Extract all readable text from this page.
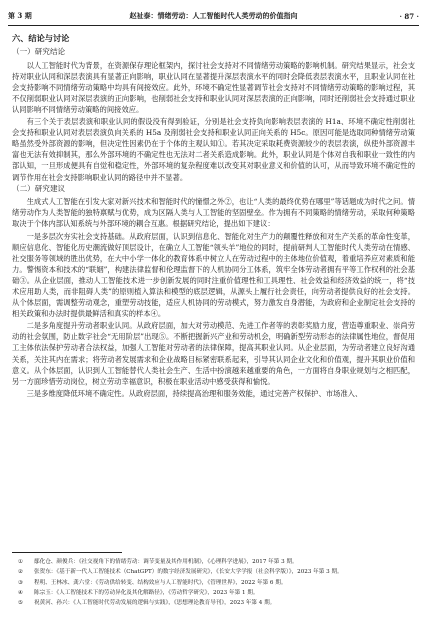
第 3 期	赵祉泰：情绪劳动：人工智能时代人类劳动的价值指向	· 87 ·
六、结论与讨论
（一）研究结论

以人工智能时代为背景，在资源保存理论框架内，探讨社会支持对不同情绪劳动策略的影响机制。研究结果显示，社会支持对职业认同和深层表演具有显著正向影响，职业认同在显著提升深层表演水平的同时会降低表层表演水平，且职业认同在社会支持影响不同情绪劳动策略中均具有间接效应。此外，环境不确定性显著调节社会支持对不同情绪劳动策略的影响过程，其不仅削弱职业认同对深层表演的正向影响，也削弱社会支持和职业认同对深层表演的正向影响，同时还削弱社会支持通过职业认同影响不同情绪劳动策略的间接效应。

有三个关于表层表演和职业认同的假设没有得到验证，分别是社会支持负向影响表层表演的 H1a、环境不确定性削弱社会支持和职业认同对表层表演负向关系的 H5a 及削弱社会支持和职业认同正向关系的 H5c。原因可能是选取同种情绪劳动策略虽然受外部资源的影响，但决定性因素仍在于个体的主观认知①。若其决定采取耗费资源较少的表层表演，纵使外部资源丰富也无法有效抑制其，那么外部环境的不确定性也无法对二者关系造成影响。此外，职业认同是个体对自我和职业一致性的内部认知，一旦形成便具有自觉和稳定性，外部环境的复杂程度难以改变其对职业意义和价值的认可，从而导致环境不确定性的调节作用在社会支持影响职业认同的路径中并不显著。

（二）研究建议

生成式人工智能在引发大家对新兴技术和智能时代的憧憬之外②，也让“人类的最终优势在哪里”等话题成为时代之问。情绪劳动作为人类智能的独特禀赋与优势，成为区隔人类与人工智能的坚固壁垒。作为拥有不同策略的情绪劳动，采取何种策略取决于个体内部认知系统与外部环境的耦合互惠。根据研究结论，提出如下建议：

一是多层次夯实社会支持基础。从政府层面，认识到信息化、智能化对生产力的颠覆性释放和对生产关系的革命性变革，顺应信息化、智能化历史潮流做好顶层设计，在确立人工智能“领头羊”地位的同时，提前研判人工智能时代人类劳动在情感、社交服务等领域的胜出优势，在大中小学一体化的教育体系中树立人在劳动过程中的主体地位价值观，着重培养应对素质和能力。警惕资本和技术的“联姻”，构建法律监督和伦理监督下的人机协同分工体系，筑牢全体劳动者拥有平等工作权利的社会基础③。从企业层面，推动人工智能技术进一步创新发展的同时注重价值理性和工具理性、社会效益和经济效益的统一，将“技术应用助人类，而非阻碍人类”的原则植入算法和模型的底层逻辑，从源头上履行社会责任，向劳动者提供良好的社会支持。从个体层面，需调整劳动观念，重塑劳动技能，适应人机协同的劳动模式，努力激发自身潜能，为政府和企业制定社会支持的相关政策和办法时提供最鲜活和真实的样本④。

二是多角度提升劳动者职业认同。从政府层面，加大对劳动模范、先进工作者等的表彰奖励力度，营造尊重职业、崇尚劳动的社会氛围，防止数字社会“无用阶层”出现⑤。不断把握新兴产业和劳动机会，明确新型劳动形态的法律属性地位，督促用工主体依法保护劳动者合法权益，加强人工智能对劳动者的法律保障，提高其职业认同。从企业层面，为劳动者建立良好沟通关系，关注其内在需求；将劳动者发展需求和企业战略目标紧密联系起来，引导其认同企业文化和价值观，提升其职业价值和意义。从个体层面，认识到人工智能替代人类社会生产、生活中扮演越来越重要的角色，一方面将自身职业规划与之相匹配，另一方面珍惜劳动岗位，树立劳动幸福意识，积极在职业活动中感受获得和愉悦。

三是多维度降低环境不确定性。从政府层面，持续提高治理和服务效能，通过完善产权保护、市场准入、

①	鄢化仓、颜俊兵：《社交视角下的情绪劳动：调节变量及其作用机制》，《心理科学进展》，2017 年第 3 期。
②	张贺东：《基于新一代人工智能技术（ChatGPT）的数字经济发展研究》，《长安大学学报（社会科学版）》，2023 年第 3 期。
③	程明、王林冰、龚六堂：《劳动供给转变、结构效应与人工智能时代》，《管理世界》，2022 年第 6 期。
④	陈宗玉：《人工智能技术下的劳动异化及其化解路径》，《劳动哲学研究》，2023 年第 1 期。
⑤	祝黄河、孙兴：《人工智能时代劳动发展的逻辑与实践》，《思想理论教育导刊》，2023 年第 4 期。
